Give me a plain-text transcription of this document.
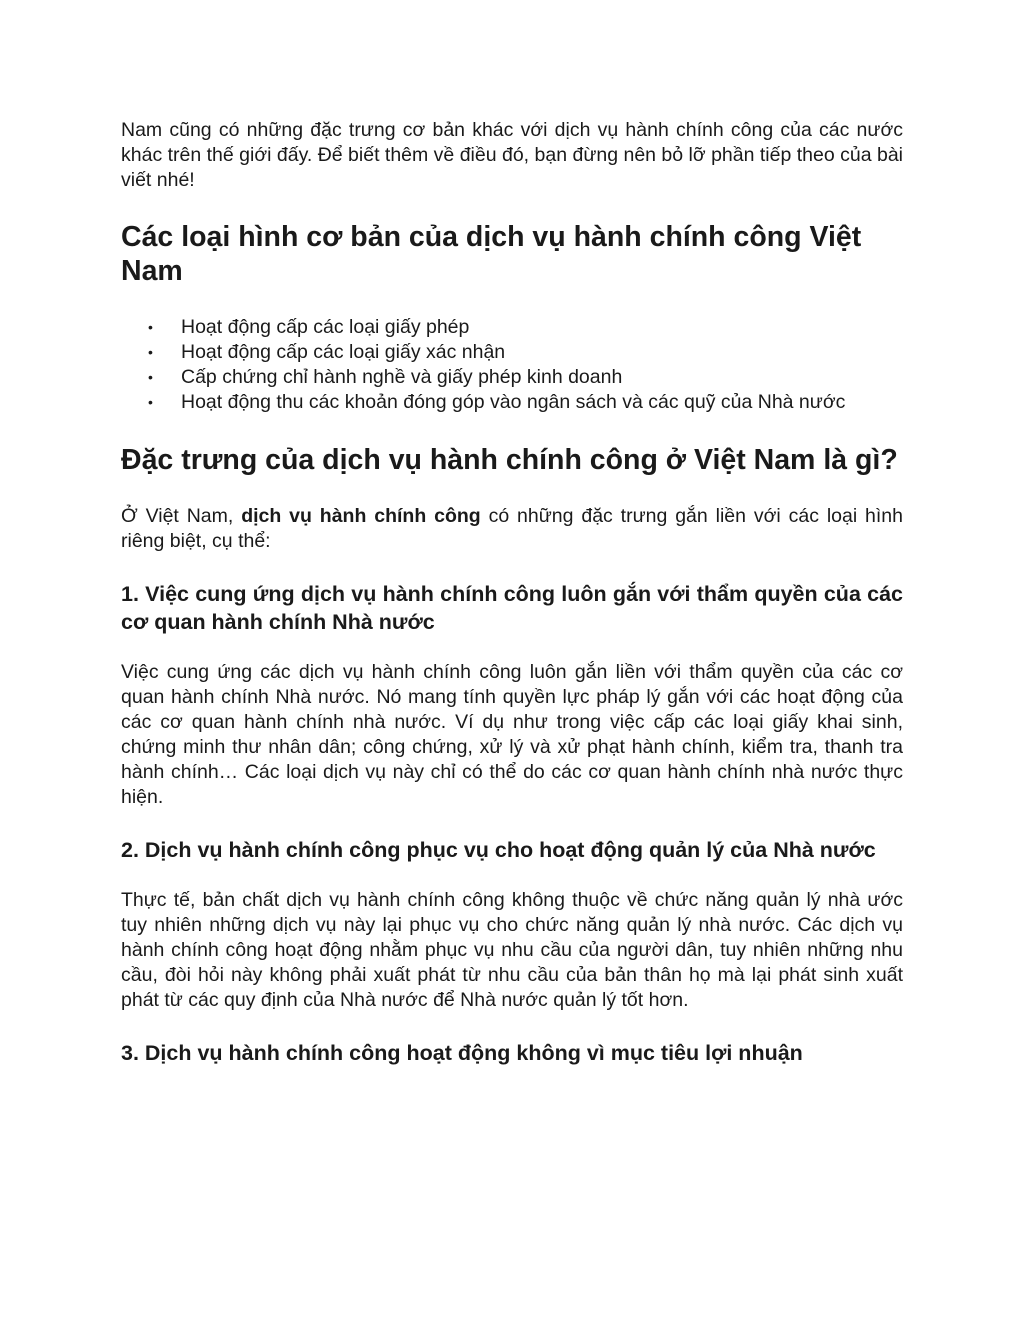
Nam cũng có những đặc trưng cơ bản khác với dịch vụ hành chính công của các nước khác trên thế giới đấy. Để biết thêm về điều đó, bạn đừng nên bỏ lỡ phần tiếp theo của bài viết nhé!

Các loại hình cơ bản của dịch vụ hành chính công Việt Nam
• Hoạt động cấp các loại giấy phép
• Hoạt động cấp các loại giấy xác nhận
• Cấp chứng chỉ hành nghề và giấy phép kinh doanh
• Hoạt động thu các khoản đóng góp vào ngân sách và các quỹ của Nhà nước
Đặc trưng của dịch vụ hành chính công ở Việt Nam là gì?

Ở Việt Nam, dịch vụ hành chính công có những đặc trưng gắn liền với các loại hình riêng biệt, cụ thể:

1. Việc cung ứng dịch vụ hành chính công luôn gắn với thẩm quyền của các cơ quan hành chính Nhà nước

Việc cung ứng các dịch vụ hành chính công luôn gắn liền với thẩm quyền của các cơ quan hành chính Nhà nước. Nó mang tính quyền lực pháp lý gắn với các hoạt động của các cơ quan hành chính nhà nước. Ví dụ như trong việc cấp các loại giấy khai sinh, chứng minh thư nhân dân; công chứng, xử lý và xử phạt hành chính, kiểm tra, thanh tra hành chính… Các loại dịch vụ này chỉ có thể do các cơ quan hành chính nhà nước thực hiện.

2. Dịch vụ hành chính công phục vụ cho hoạt động quản lý của Nhà nước

Thực tế, bản chất dịch vụ hành chính công không thuộc về chức năng quản lý nhà ước tuy nhiên những dịch vụ này lại phục vụ cho chức năng quản lý nhà nước. Các dịch vụ hành chính công hoạt động nhằm phục vụ nhu cầu của người dân, tuy nhiên những nhu cầu, đòi hỏi này không phải xuất phát từ nhu cầu của bản thân họ mà lại phát sinh xuất phát từ các quy định của Nhà nước để Nhà nước quản lý tốt hơn.

3. Dịch vụ hành chính công hoạt động không vì mục tiêu lợi nhuận
